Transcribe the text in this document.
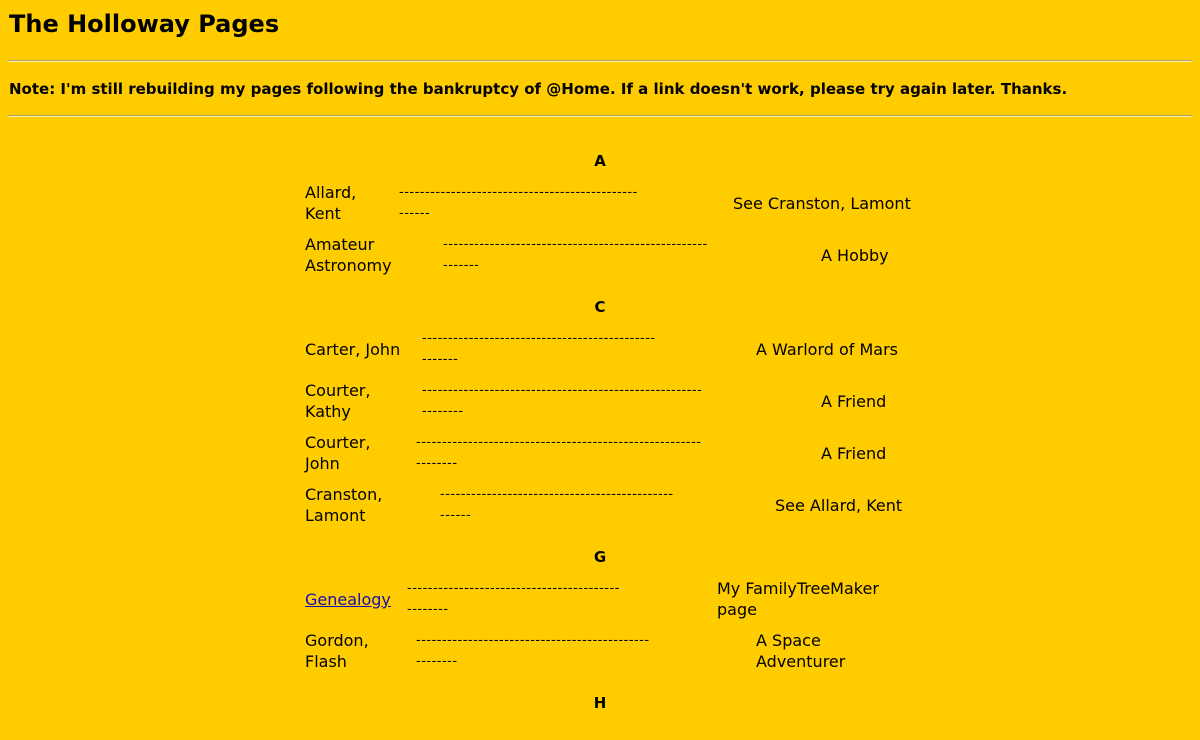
The Holloway Pages

Note: I'm still rebuilding my pages following the bankruptcy of @Home. If a link doesn't work, please try again later. Thanks.

A
Allard,
Kent
----------------------------------------------
------
See Cranston, Lamont
Amateur
Astronomy
---------------------------------------------------
-------
A Hobby
C
Carter, John
---------------------------------------------
-------
A Warlord of Mars
Courter,
Kathy
------------------------------------------------------
--------
A Friend
Courter,
John
-------------------------------------------------------
--------
A Friend
Cranston,
Lamont
---------------------------------------------
------
See Allard, Kent
G
Genealogy
-----------------------------------------
--------
My FamilyTreeMaker
page
Gordon,
Flash
---------------------------------------------
--------
A Space
Adventurer
H
